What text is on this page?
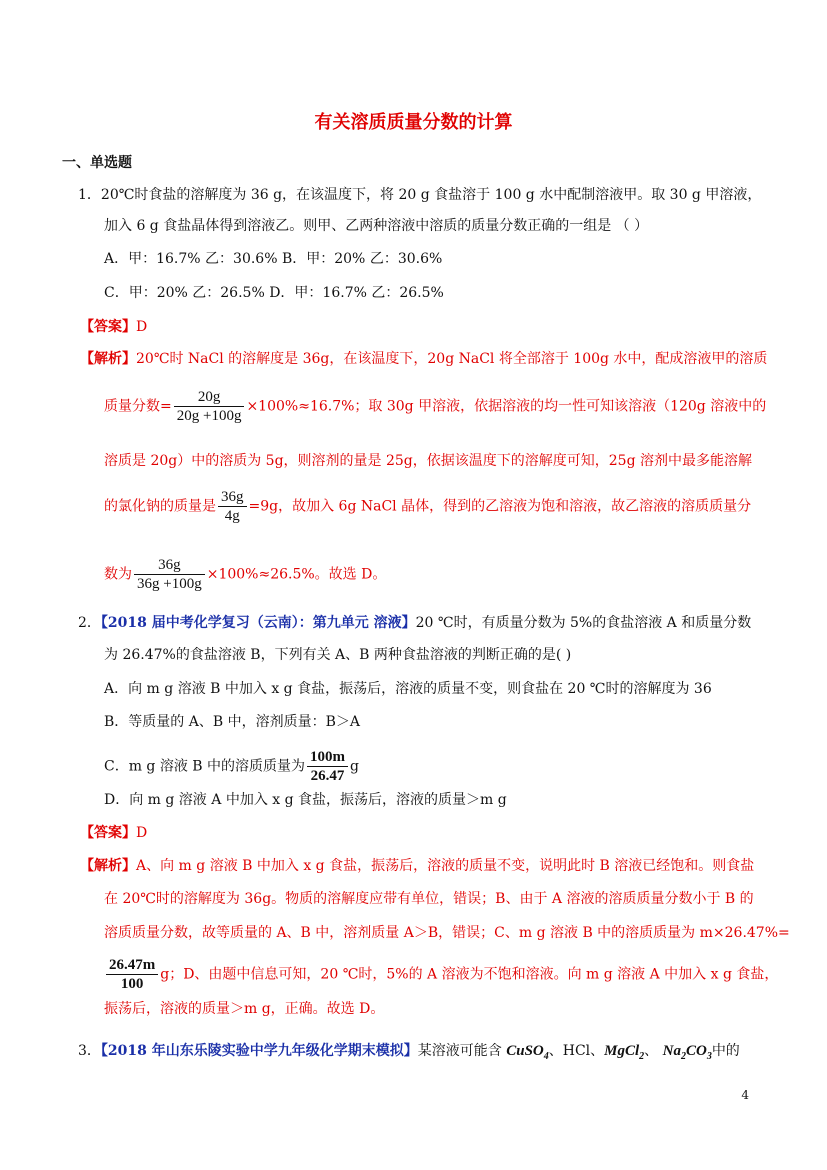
有关溶质质量分数的计算
一、单选题
1．20℃时食盐的溶解度为 36 g，在该温度下，将 20 g 食盐溶于 100 g 水中配制溶液甲。取 30 g 甲溶液，
加入 6 g 食盐晶体得到溶液乙。则甲、乙两种溶液中溶质的质量分数正确的一组是 （ ）
A．甲：16.7% 乙：30.6% B．甲：20% 乙：30.6%
C．甲：20% 乙：26.5% D．甲：16.7% 乙：26.5%
【答案】D
【解析】20℃时 NaCl 的溶解度是 36g，在该温度下，20g NaCl 将全部溶于 100g 水中，配成溶液甲的溶质
质量分数= $\frac{20g}{20g +100g} \times 100\%\approx 16.7\%$；取 30g 甲溶液，依据溶液的均一性可知该溶液（120g 溶液中的
溶质是 20g）中的溶质为 5g，则溶剂的量是 25g，依据该温度下的溶解度可知，25g 溶剂中最多能溶解
的氯化钠的质量是 $\frac{36g}{4g} =9g$，故加入 6g NaCl 晶体，得到的乙溶液为饱和溶液，故乙溶液的溶质质量分
数为 $\frac{36g}{36g +100g} \times 100\%\approx 26.5\%$。故选 D。
2．【2018 届中考化学复习（云南）：第九单元 溶液】20 ℃时，有质量分数为 5%的食盐溶液 A 和质量分数
为 26.47%的食盐溶液 B，下列有关 A、B 两种食盐溶液的判断正确的是( )
A．向 m g 溶液 B 中加入 x g 食盐，振荡后，溶液的质量不变，则食盐在 20 ℃时的溶解度为 36
B．等质量的 A、B 中，溶剂质量：B＞A
C．m g 溶液 B 中的溶质质量为 $\frac{100m}{26.47}$ g
D．向 m g 溶液 A 中加入 x g 食盐，振荡后，溶液的质量＞m g
【答案】D
【解析】A、向 m g 溶液 B 中加入 x g 食盐，振荡后，溶液的质量不变，说明此时 B 溶液已经饱和。则食盐
在 20℃时的溶解度为 36g。物质的溶解度应带有单位，错误；B、由于 A 溶液的溶质质量分数小于 B 的
溶质质量分数，故等质量的 A、B 中，溶剂质量 A＞B，错误；C、m g 溶液 B 中的溶质质量为 m×26.47%=
$\frac{26.47m}{100}$ g；D、由题中信息可知，20 ℃时，5%的 A 溶液为不饱和溶液。向 m g 溶液 A 中加入 x g 食盐，
振荡后，溶液的质量＞m g，正确。故选 D。
3．【2018 年山东乐陵实验中学九年级化学期末模拟】某溶液可能含 CuSO$_4$、HCl、MgCl$_2$、 $Na_2CO_3$中的
4
